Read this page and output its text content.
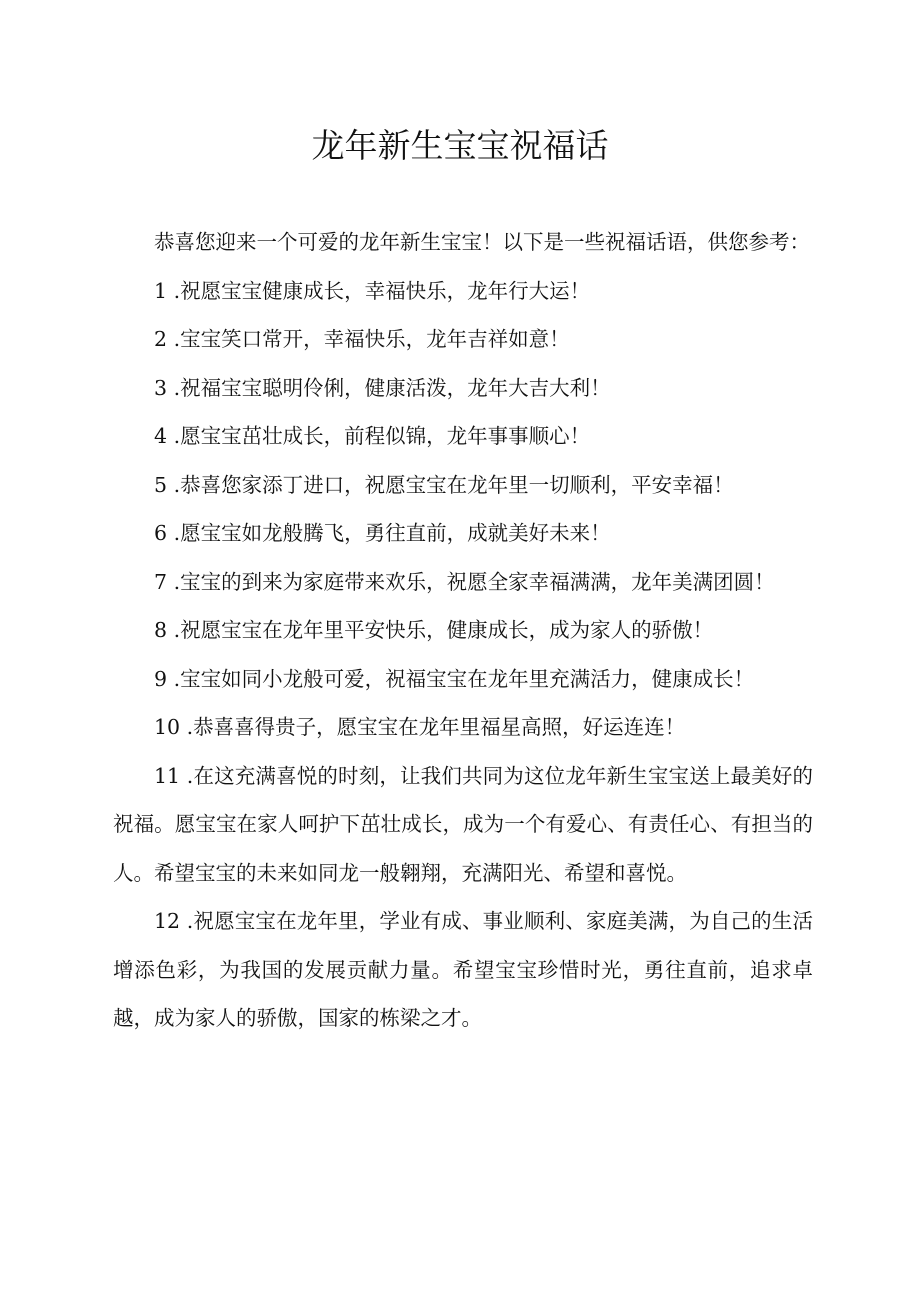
龙年新生宝宝祝福话

恭喜您迎来一个可爱的龙年新生宝宝！以下是一些祝福话语，供您参考：

1 .祝愿宝宝健康成长，幸福快乐，龙年行大运！

2 .宝宝笑口常开，幸福快乐，龙年吉祥如意！

3 .祝福宝宝聪明伶俐，健康活泼，龙年大吉大利！

4 .愿宝宝茁壮成长，前程似锦，龙年事事顺心！

5 .恭喜您家添丁进口，祝愿宝宝在龙年里一切顺利，平安幸福！

6 .愿宝宝如龙般腾飞，勇往直前，成就美好未来！

7 .宝宝的到来为家庭带来欢乐，祝愿全家幸福满满，龙年美满团圆！

8 .祝愿宝宝在龙年里平安快乐，健康成长，成为家人的骄傲！

9 .宝宝如同小龙般可爱，祝福宝宝在龙年里充满活力，健康成长！

10 .恭喜喜得贵子，愿宝宝在龙年里福星高照，好运连连！

11 .在这充满喜悦的时刻，让我们共同为这位龙年新生宝宝送上最美好的祝福。愿宝宝在家人呵护下茁壮成长，成为一个有爱心、有责任心、有担当的人。希望宝宝的未来如同龙一般翱翔，充满阳光、希望和喜悦。

12 .祝愿宝宝在龙年里，学业有成、事业顺利、家庭美满，为自己的生活增添色彩，为我国的发展贡献力量。希望宝宝珍惜时光，勇往直前，追求卓越，成为家人的骄傲，国家的栋梁之才。
